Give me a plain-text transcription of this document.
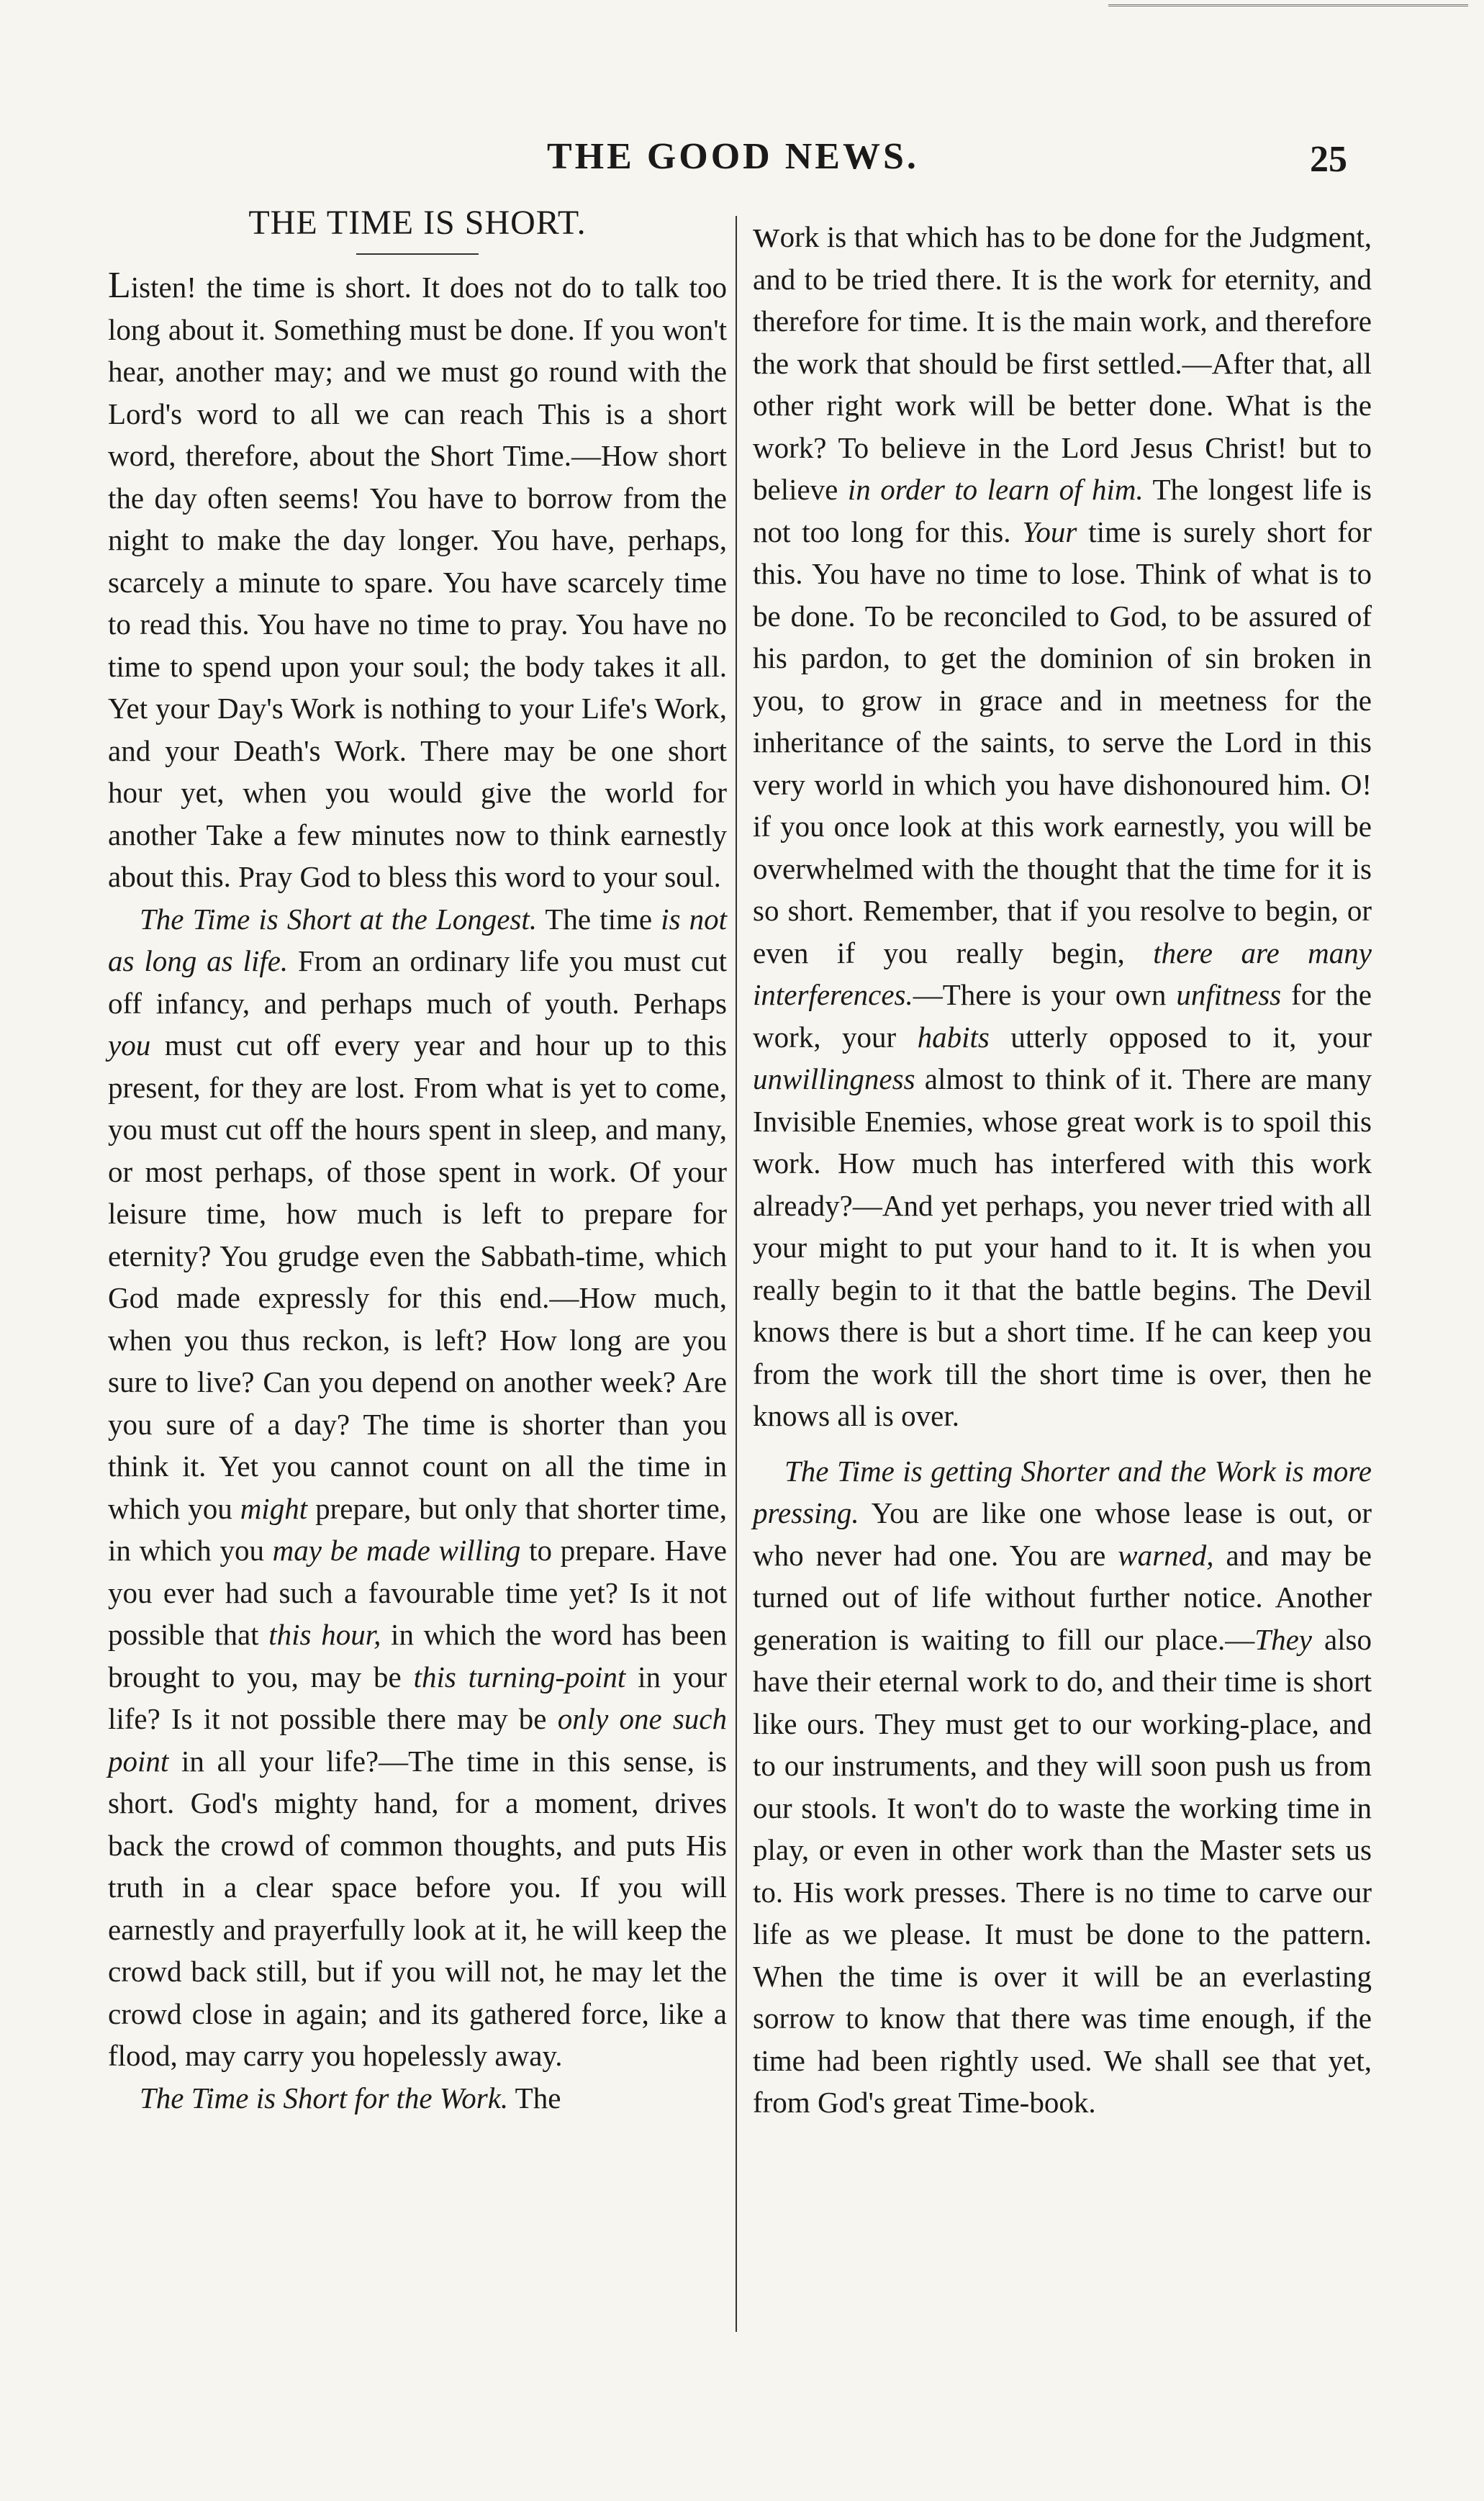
THE GOOD NEWS.	25
THE TIME IS SHORT.

Listen! the time is short. It does not do to talk too long about it. Something must be done. If you won't hear, another may; and we must go round with the Lord's word to all we can reach This is a short word, therefore, about the Short Time.—How short the day often seems! You have to borrow from the night to make the day longer. You have, perhaps, scarcely a minute to spare. You have scarcely time to read this. You have no time to pray. You have no time to spend upon your soul; the body takes it all. Yet your Day's Work is nothing to your Life's Work, and your Death's Work. There may be one short hour yet, when you would give the world for another Take a few minutes now to think earnestly about this. Pray God to bless this word to your soul.

The Time is Short at the Longest. The time is not as long as life. From an ordinary life you must cut off infancy, and perhaps much of youth. Perhaps you must cut off every year and hour up to this present, for they are lost. From what is yet to come, you must cut off the hours spent in sleep, and many, or most perhaps, of those spent in work. Of your leisure time, how much is left to prepare for eternity? You grudge even the Sabbath-time, which God made expressly for this end.—How much, when you thus reckon, is left? How long are you sure to live? Can you depend on another week? Are you sure of a day? The time is shorter than you think it. Yet you cannot count on all the time in which you might prepare, but only that shorter time, in which you may be made willing to prepare. Have you ever had such a favourable time yet? Is it not possible that this hour, in which the word has been brought to you, may be this turning-point in your life? Is it not possible there may be only one such point in all your life?—The time in this sense, is short. God's mighty hand, for a moment, drives back the crowd of common thoughts, and puts His truth in a clear space before you. If you will earnestly and prayerfully look at it, he will keep the crowd back still, but if you will not, he may let the crowd close in again; and its gathered force, like a flood, may carry you hopelessly away.

The Time is Short for the Work. The

work is that which has to be done for the Judgment, and to be tried there. It is the work for eternity, and therefore for time. It is the main work, and therefore the work that should be first settled.—After that, all other right work will be better done. What is the work? To believe in the Lord Jesus Christ! but to believe in order to learn of him. The longest life is not too long for this. Your time is surely short for this. You have no time to lose. Think of what is to be done. To be reconciled to God, to be assured of his pardon, to get the dominion of sin broken in you, to grow in grace and in meetness for the inheritance of the saints, to serve the Lord in this very world in which you have dishonoured him. O! if you once look at this work earnestly, you will be overwhelmed with the thought that the time for it is so short. Remember, that if you resolve to begin, or even if you really begin, there are many interferences.—There is your own unfitness for the work, your habits utterly opposed to it, your unwillingness almost to think of it. There are many Invisible Enemies, whose great work is to spoil this work. How much has interfered with this work already?—And yet perhaps, you never tried with all your might to put your hand to it. It is when you really begin to it that the battle begins. The Devil knows there is but a short time. If he can keep you from the work till the short time is over, then he knows all is over.

The Time is getting Shorter and the Work is more pressing. You are like one whose lease is out, or who never had one. You are warned, and may be turned out of life without further notice. Another generation is waiting to fill our place.—They also have their eternal work to do, and their time is short like ours. They must get to our working-place, and to our instruments, and they will soon push us from our stools. It won't do to waste the working time in play, or even in other work than the Master sets us to. His work presses. There is no time to carve our life as we please. It must be done to the pattern. When the time is over it will be an everlasting sorrow to know that there was time enough, if the time had been rightly used. We shall see that yet, from God's great Time-book.
